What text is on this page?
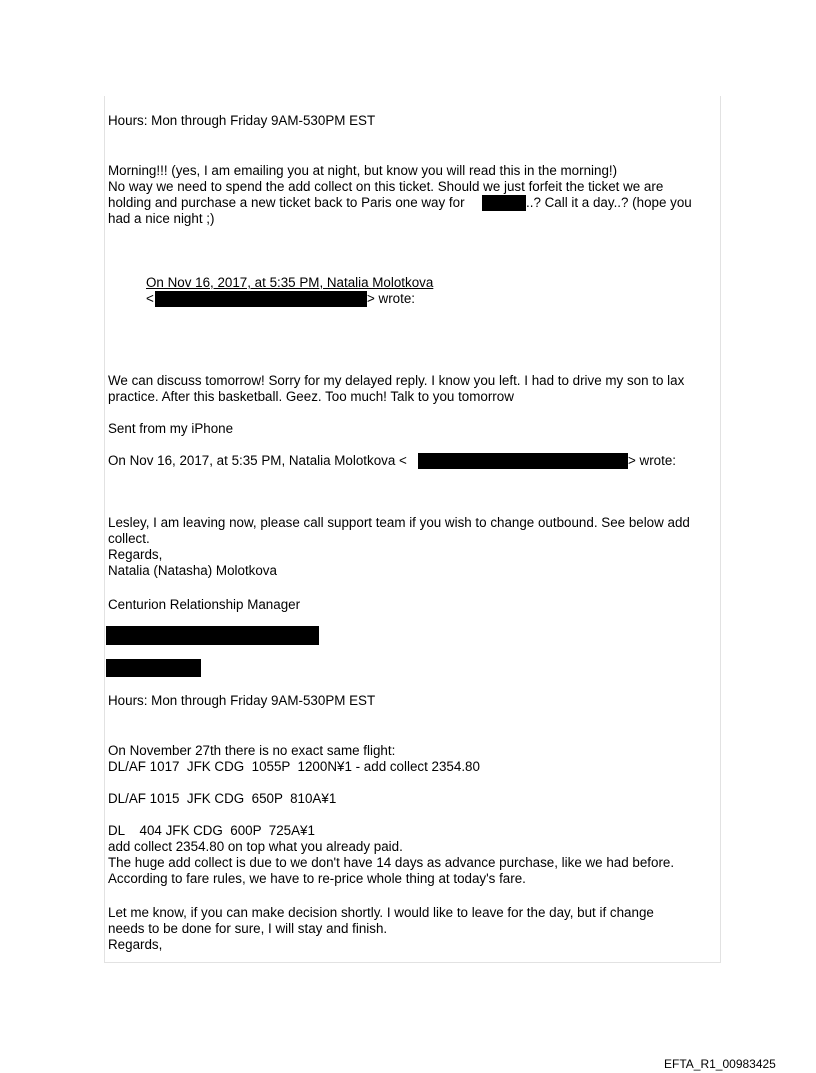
Hours: Mon through Friday 9AM-530PM EST
Morning!!! (yes, I am emailing you at night, but know you will read this in the morning!)
No way we need to spend the add collect on this ticket. Should we just forfeit the ticket we are
holding and purchase a new ticket back to Paris one way for	..? Call it a day..? (hope you
had a nice night ;)
On Nov 16, 2017, at 5:35 PM, Natalia Molotkova
<	> wrote:
We can discuss tomorrow! Sorry for my delayed reply. I know you left. I had to drive my son to lax
practice. After this basketball. Geez. Too much! Talk to you tomorrow
Sent from my iPhone
On Nov 16, 2017, at 5:35 PM, Natalia Molotkova <	> wrote:
Lesley, I am leaving now, please call support team if you wish to change outbound. See below add
collect.
Regards,
Natalia (Natasha) Molotkova
Centurion Relationship Manager
Hours: Mon through Friday 9AM-530PM EST
On November 27th there is no exact same flight:
DL/AF 1017  JFK CDG  1055P  1200N¥1 - add collect 2354.80
DL/AF 1015  JFK CDG  650P  810A¥1
DL    404 JFK CDG  600P  725A¥1
add collect 2354.80 on top what you already paid.
The huge add collect is due to we don't have 14 days as advance purchase, like we had before.
According to fare rules, we have to re-price whole thing at today's fare.
Let me know, if you can make decision shortly. I would like to leave for the day, but if change
needs to be done for sure, I will stay and finish.
Regards,
EFTA_R1_00983425
